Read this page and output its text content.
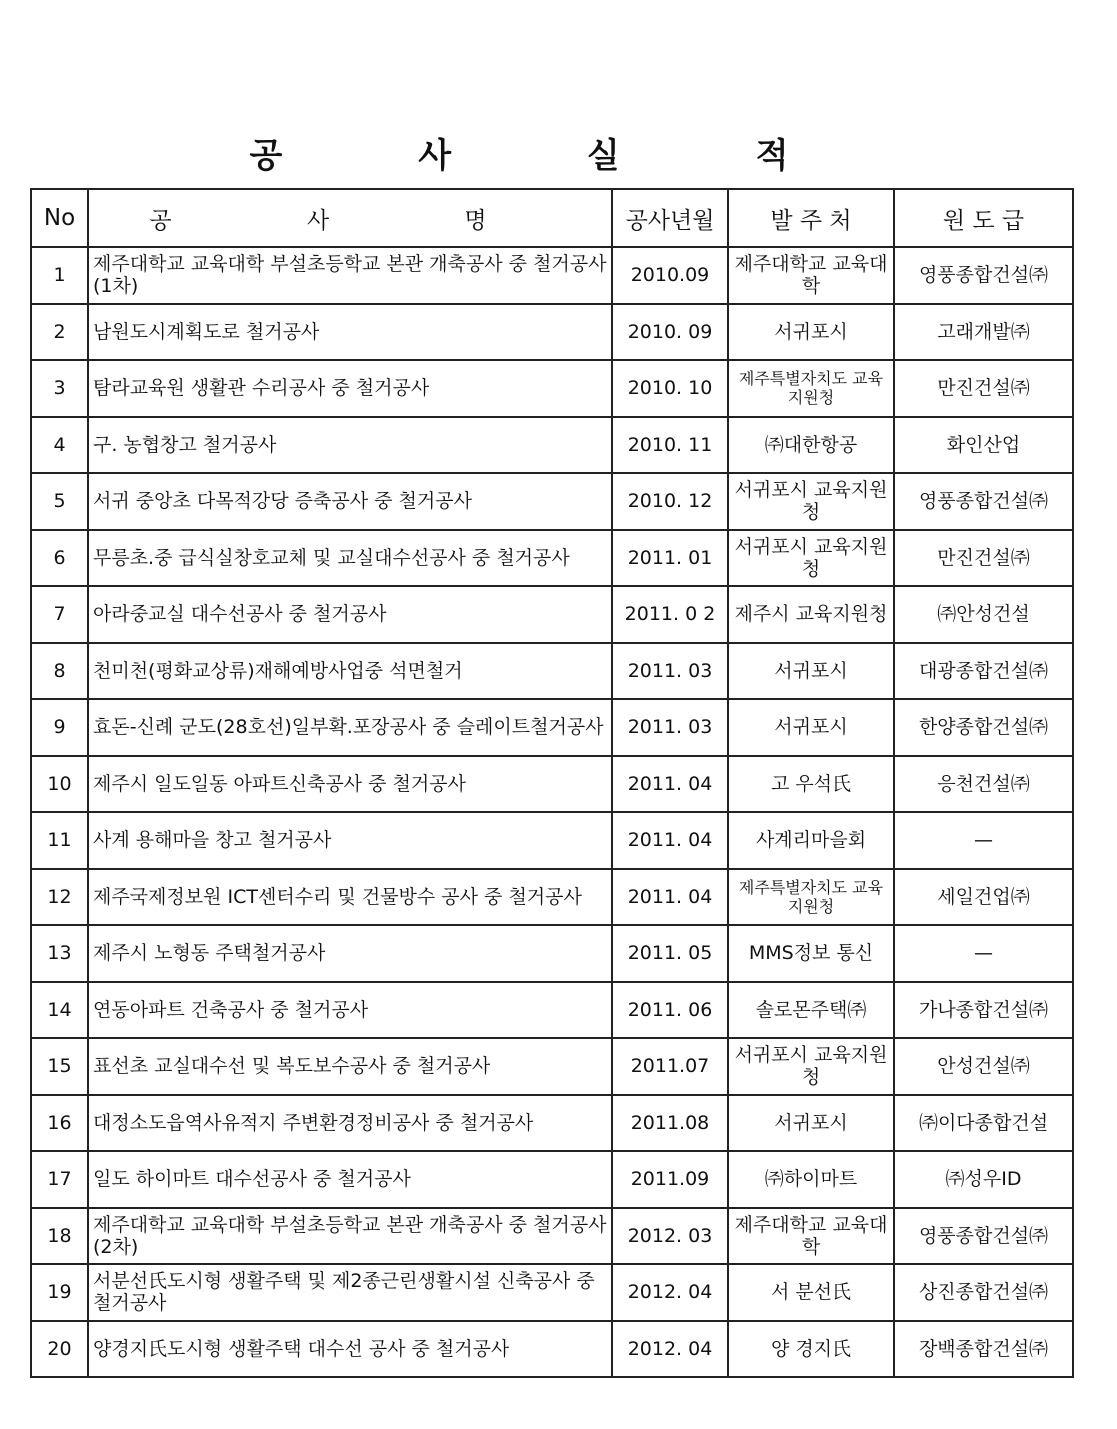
공 사 실 적
No	공 사 명	공사년월	발 주 처	원 도 급
1	제주대학교 교육대학 부설초등학교 본관 개축공사 중 철거공사 (1차)	2010.09	제주대학교 교육대학	영풍종합건설㈜
2	남원도시계획도로 철거공사	2010. 09	서귀포시	고래개발㈜
3	탐라교육원 생활관 수리공사 중 철거공사	2010. 10	제주특별자치도 교육지원청	만진건설㈜
4	구. 농협창고 철거공사	2010. 11	㈜대한항공	화인산업
5	서귀 중앙초 다목적강당 증축공사 중 철거공사	2010. 12	서귀포시 교육지원청	영풍종합건설㈜
6	무릉초.중 급식실창호교체 및 교실대수선공사 중 철거공사	2011. 01	서귀포시 교육지원청	만진건설㈜
7	아라중교실 대수선공사 중 철거공사	2011. 0 2	제주시 교육지원청	㈜안성건설
8	천미천(평화교상류)재해예방사업중 석면철거	2011. 03	서귀포시	대광종합건설㈜
9	효돈-신례 군도(28호선)일부확.포장공사 중 슬레이트철거공사	2011. 03	서귀포시	한양종합건설㈜
10	제주시 일도일동 아파트신축공사 중 철거공사	2011. 04	고 우석氏	응천건설㈜
11	사계 용해마을 창고 철거공사	2011. 04	사계리마을회	—
12	제주국제정보원 ICT센터수리 및 건물방수 공사 중 철거공사	2011. 04	제주특별자치도 교육지원청	세일건업㈜
13	제주시 노형동 주택철거공사	2011. 05	MMS정보 통신	—
14	연동아파트 건축공사 중 철거공사	2011. 06	솔로몬주택㈜	가나종합건설㈜
15	표선초 교실대수선 및 복도보수공사 중 철거공사	2011.07	서귀포시 교육지원청	안성건설㈜
16	대정소도읍역사유적지 주변환경정비공사 중 철거공사	2011.08	서귀포시	㈜이다종합건설
17	일도 하이마트 대수선공사 중 철거공사	2011.09	㈜하이마트	㈜성우ID
18	제주대학교 교육대학 부설초등학교 본관 개축공사 중 철거공사 (2차)	2012. 03	제주대학교 교육대학	영풍종합건설㈜
19	서분선氏도시형 생활주택 및 제2종근린생활시설 신축공사 중 철거공사	2012. 04	서 분선氏	상진종합건설㈜
20	양경지氏도시형 생활주택 대수선 공사 중 철거공사	2012. 04	양 경지氏	장백종합건설㈜
